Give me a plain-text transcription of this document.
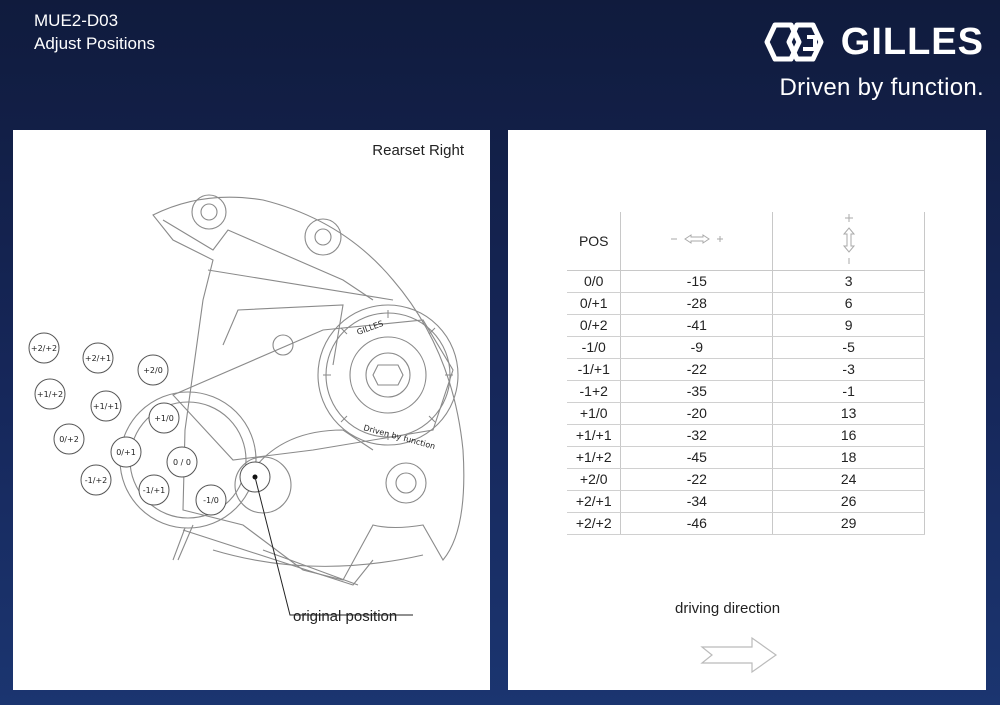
MUE2-D03
Adjust Positions	GILLES
Driven by function.
Rearset Right
GILLES
Driven by function
+2/+2
+2/+1
+2/0
+1/+2
+1/+1
+1/0
0/+2
0/+1
0 / 0
-1/+2
-1/+1
-1/0
original position
POS		
0/0	-15	3
0/+1	-28	6
0/+2	-41	9
-1/0	-9	-5
-1/+1	-22	-3
-1+2	-35	-1
+1/0	-20	13
+1/+1	-32	16
+1/+2	-45	18
+2/0	-22	24
+2/+1	-34	26
+2/+2	-46	29
driving direction
